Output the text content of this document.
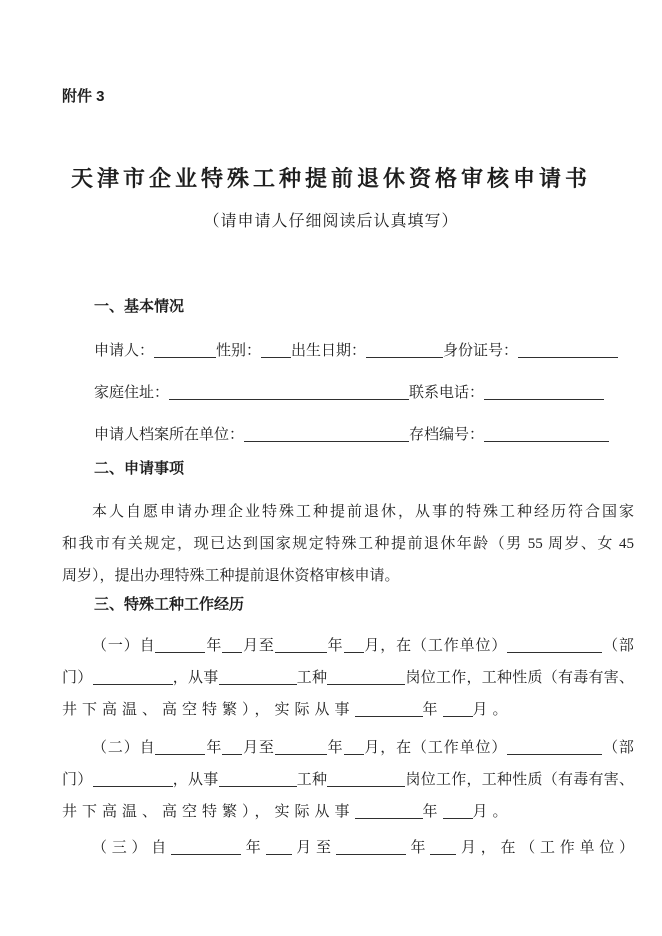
附件 3
天津市企业特殊工种提前退休资格审核申请书
（请申请人仔细阅读后认真填写）
一、基本情况
申请人：	性别： 出生日期：	身份证号：
家庭住址：	联系电话：
申请人档案所在单位：	存档编号：
二、申请事项
本人自愿申请办理企业特殊工种提前退休，从事的特殊工种经历符合国家
和我市有关规定，现已达到国家规定特殊工种提前退休年龄（男 55 周岁、女 45
周岁），提出办理特殊工种提前退休资格审核申请。
三、特殊工种工作经历
（一）自	年 月至	年 月，在（工作单位）	（部
门）	，从事	工种	岗位工作，工种性质（有毒有害、
井下高温、高空特繁），实际从事	年 月。
（二）自	年 月至	年 月，在（工作单位）	（部
门）	，从事	工种	岗位工作，工种性质（有毒有害、
井下高温、高空特繁），实际从事	年 月。
（三）自	年 月至	年 月，在（工作单位）
